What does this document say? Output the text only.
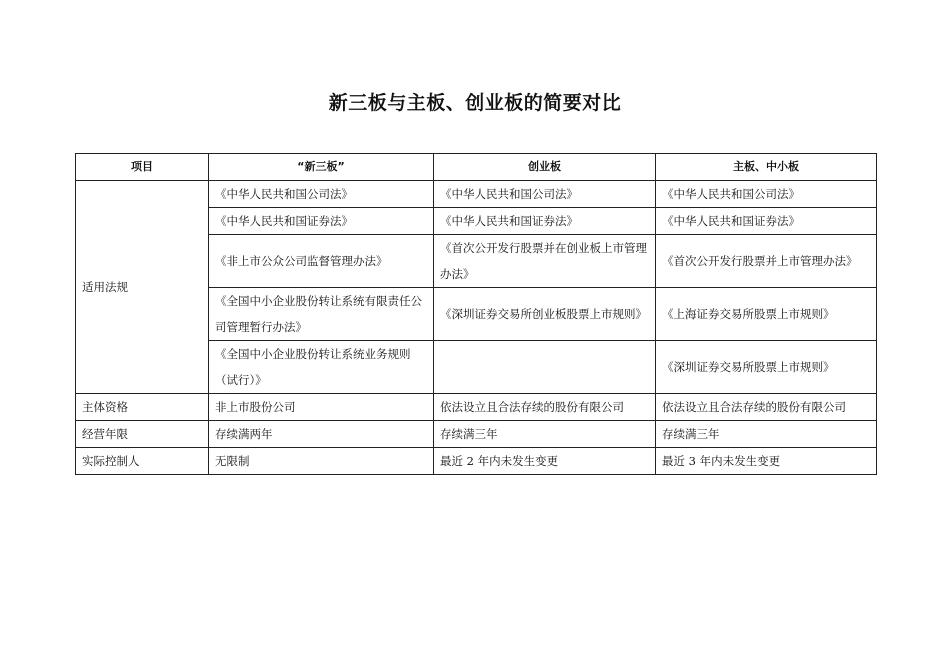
新三板与主板、创业板的简要对比
项目	“新三板”	创业板	主板、中小板
适用法规	《中华人民共和国公司法》	《中华人民共和国公司法》	《中华人民共和国公司法》
	《中华人民共和国证券法》	《中华人民共和国证券法》	《中华人民共和国证券法》
	《非上市公众公司监督管理办法》	《首次公开发行股票并在创业板上市管理办法》	《首次公开发行股票并上市管理办法》
	《全国中小企业股份转让系统有限责任公司管理暂行办法》	《深圳证券交易所创业板股票上市规则》	《上海证券交易所股票上市规则》
	《全国中小企业股份转让系统业务规则（试行）》		《深圳证券交易所股票上市规则》
主体资格	非上市股份公司	依法设立且合法存续的股份有限公司	依法设立且合法存续的股份有限公司
经营年限	存续满两年	存续满三年	存续满三年
实际控制人	无限制	最近 2 年内未发生变更	最近 3 年内未发生变更
